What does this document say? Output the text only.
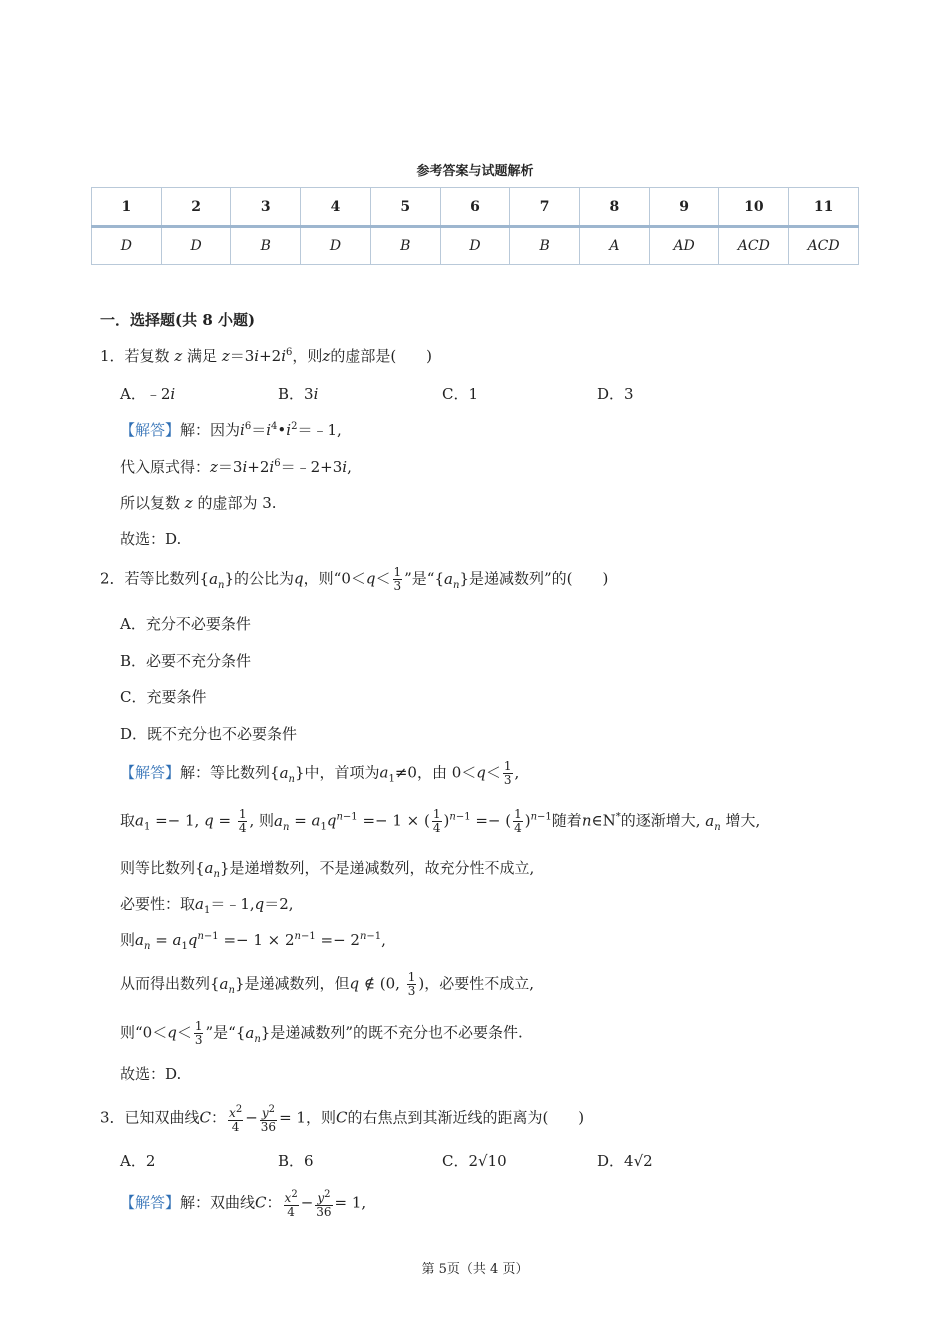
参考答案与试题解析
1	2	3	4	5	6	7	8	9	10	11
D	D	B	D	B	D	B	A	AD	ACD	ACD
一．选择题(共 8 小题)
1．若复数 z 满足 $z=3i+2i^6$，则z的虚部是(　　)
A．﹣2i	B．3i	C．1	D．3
【解答】解：因为$i^6=i^4•i^2=﹣1$,
代入原式得：$z=3i+2i^6=﹣2+3i$,
所以复数 z 的虚部为 3.
故选：D.
2．若等比数列$\{a_n\}$的公比为q，则“$0<q< \frac{1}{3}$ ”是“$\{a_n\}$是递减数列”的(　　)
A．充分不必要条件
B．必要不充分条件
C．充要条件
D．既不充分也不必要条件
【解答】解：等比数列$\{a_n\}$中，首项为$a_1\ne 0$，由 $0<q< \frac{1}{3}$ ,
取$a_1 =- 1$, $q = \frac{1}{4}$ , 则$a_n = a_1q^{n-1} =- 1$ × ( $\frac{1}{4} )^{n-1}$ =− ( $\frac{1}{4} )^{n-1}$随着n∈N*的逐渐增大, $a_n$ 增大,
则等比数列$\{a_n\}$是递增数列，不是递减数列，故充分性不成立,
必要性：取$a_1=﹣1,q=2$,
则$a_n = a_1q^{n-1} =- 1 \times 2^{n-1} =- 2^{n-1}$,
从而得出数列$\{a_n\}$是递减数列，但q ∉ (0, $\frac{1}{3}$ )，必要性不成立,
则“$0<q< \frac{1}{3}$ ”是“$\{a_n\}$是递减数列”的既不充分也不必要条件.
故选：D.
3．已知双曲线C： $\frac{x^2}{4} - \frac{y^2}{36} = 1$，则C的右焦点到其渐近线的距离为(　　)
A．2	B．6	C．2√10	D．4√2
【解答】解：双曲线C： $\frac{x^2}{4} - \frac{y^2}{36} = 1$,
第 5页（共 4 页）
